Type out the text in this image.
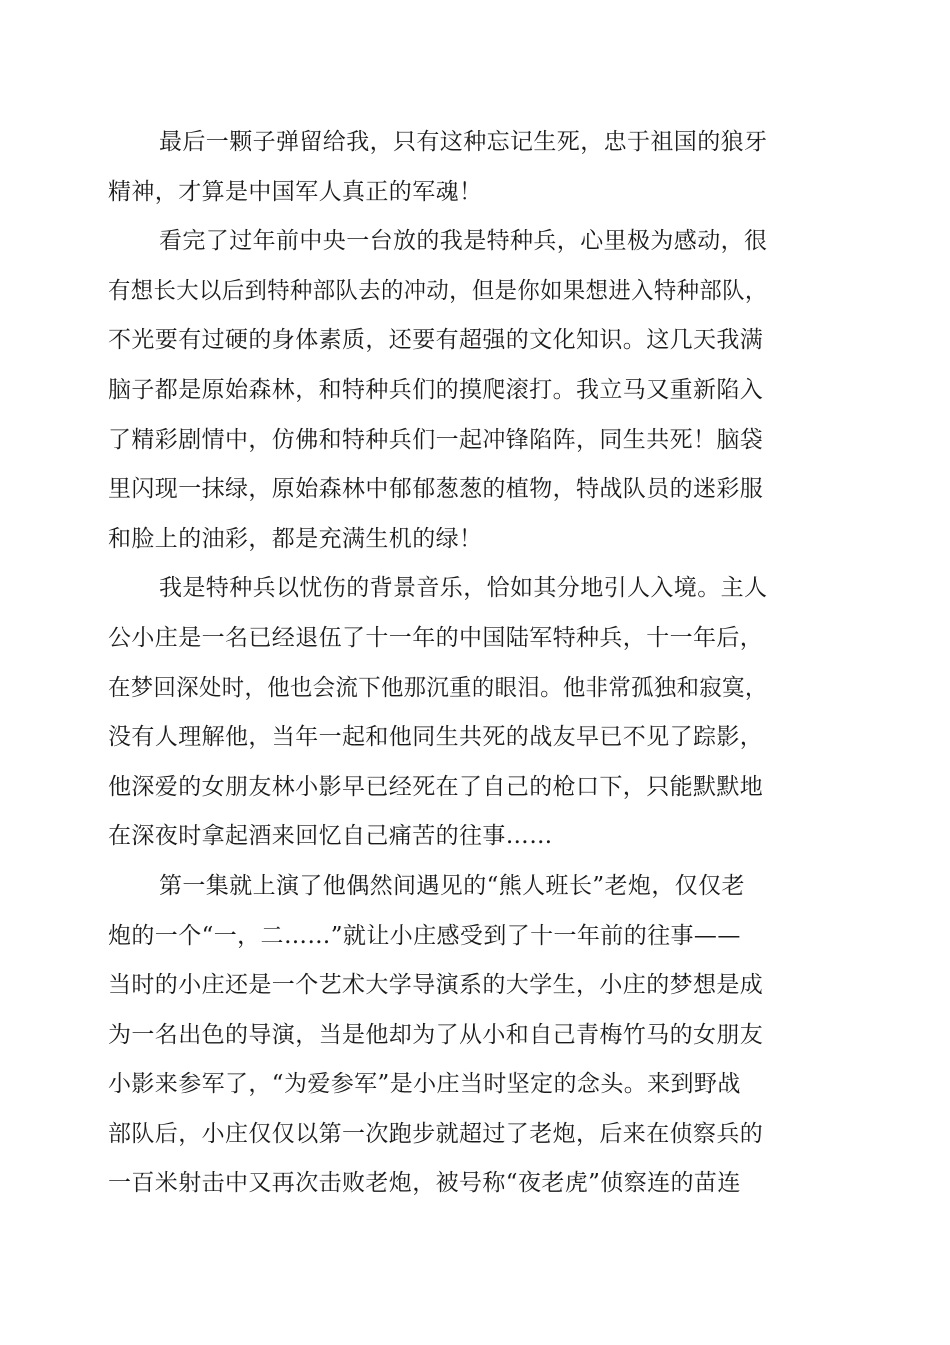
最后一颗子弹留给我，只有这种忘记生死，忠于祖国的狼牙
精神，才算是中国军人真正的军魂！
看完了过年前中央一台放的我是特种兵，心里极为感动，很
有想长大以后到特种部队去的冲动，但是你如果想进入特种部队，
不光要有过硬的身体素质，还要有超强的文化知识。这几天我满
脑子都是原始森林，和特种兵们的摸爬滚打。我立马又重新陷入
了精彩剧情中，仿佛和特种兵们一起冲锋陷阵，同生共死！脑袋
里闪现一抹绿，原始森林中郁郁葱葱的植物，特战队员的迷彩服
和脸上的油彩，都是充满生机的绿！
我是特种兵以忧伤的背景音乐，恰如其分地引人入境。主人
公小庄是一名已经退伍了十一年的中国陆军特种兵，十一年后，
在梦回深处时，他也会流下他那沉重的眼泪。他非常孤独和寂寞，
没有人理解他，当年一起和他同生共死的战友早已不见了踪影，
他深爱的女朋友林小影早已经死在了自己的枪口下，只能默默地
在深夜时拿起酒来回忆自己痛苦的往事……
第一集就上演了他偶然间遇见的“熊人班长”老炮，仅仅老
炮的一个“一，二……”就让小庄感受到了十一年前的往事——
当时的小庄还是一个艺术大学导演系的大学生，小庄的梦想是成
为一名出色的导演，当是他却为了从小和自己青梅竹马的女朋友
小影来参军了，“为爱参军”是小庄当时坚定的念头。来到野战
部队后，小庄仅仅以第一次跑步就超过了老炮，后来在侦察兵的
一百米射击中又再次击败老炮，被号称“夜老虎”侦察连的苗连
